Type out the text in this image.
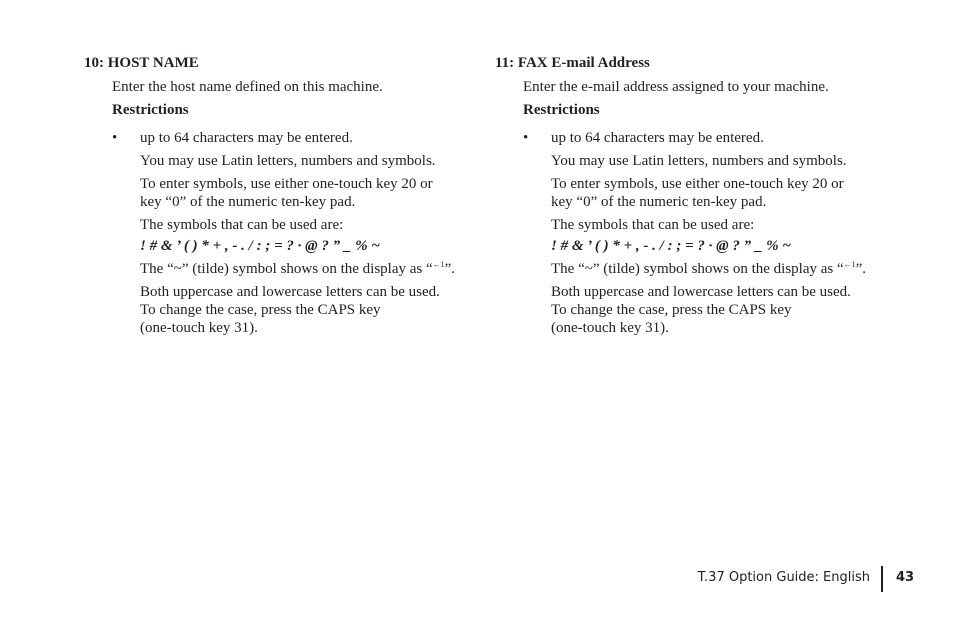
10: HOST NAME
Enter the host name defined on this machine.
Restrictions
• up to 64 characters may be entered.
You may use Latin letters, numbers and symbols.
To enter symbols, use either one-touch key 20 or
key “0” of the numeric ten-key pad.
The symbols that can be used are:
! # & ’ ( ) * + , - . / : ; = ? · @ ? ” _ % ~
The “~” (tilde) symbol shows on the display as “$^{\leftarrow 1}$”.
Both uppercase and lowercase letters can be used.
To change the case, press the CAPS key
(one-touch key 31).
11: FAX E-mail Address
Enter the e-mail address assigned to your machine.
Restrictions
• up to 64 characters may be entered.
You may use Latin letters, numbers and symbols.
To enter symbols, use either one-touch key 20 or
key “0” of the numeric ten-key pad.
The symbols that can be used are:
! # & ’ ( ) * + , - . / : ; = ? · @ ? ” _ % ~
The “~” (tilde) symbol shows on the display as “$^{\leftarrow 1}$”.
Both uppercase and lowercase letters can be used.
To change the case, press the CAPS key
(one-touch key 31).
T.37 Option Guide: English 43
